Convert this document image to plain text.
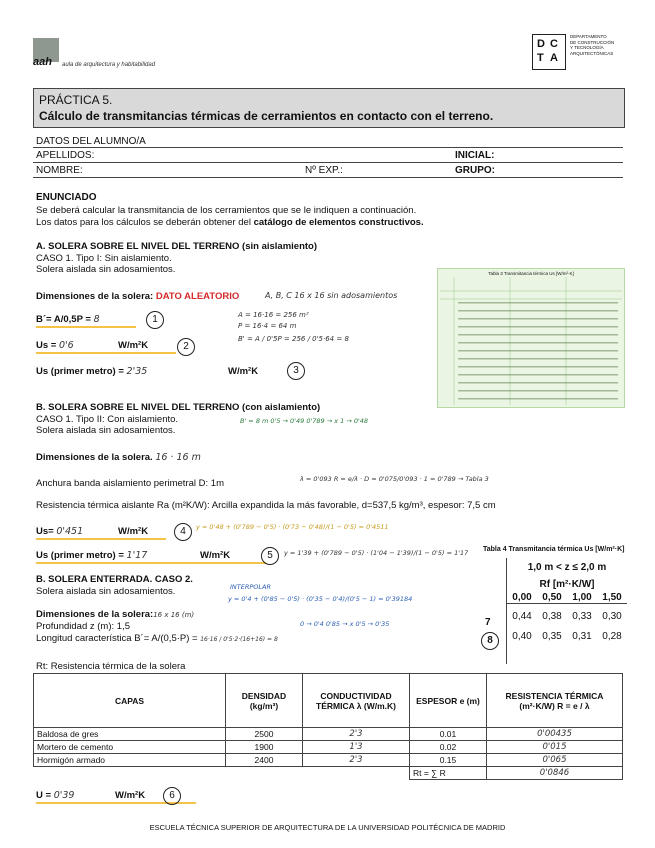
aah	aula de arquitectura y habitabilidad
D C
T A
DEPARTAMENTO
DE CONSTRUCCIÓN
Y TECNOLOGÍA
ARQUITECTÓNICAS
PRÁCTICA 5.
Cálculo de transmitancias térmicas de cerramientos en contacto con el terreno.
DATOS DEL ALUMNO/A
APELLIDOS:	INICIAL:
NOMBRE:	Nº EXP.:	GRUPO:
ENUNCIADO
Se deberá calcular la transmitancia de los cerramientos que se le indiquen a continuación.
Los datos para los cálculos se deberán obtener del catálogo de elementos constructivos.
A. SOLERA SOBRE EL NIVEL DEL TERRENO (sin aislamiento)
CASO 1. Tipo I: Sin aislamiento.
Solera aislada sin adosamientos.
Dimensiones de la solera: DATO ALEATORIO	A, B, C 16 x 16 sin adosamientos
B´= A/0,5P = 8	1	A = 16·16 = 256 m²
P = 16·4 = 64 m
B' = A / 0'5P = 256 / 0'5·64 = 8
Us = 0'6	W/m²K	2
Us (primer metro) = 2'35	W/m²K	3
Tabla 3 Transmitancia térmica Us [W/m²·K]
B. SOLERA SOBRE EL NIVEL DEL TERRENO (con aislamiento)
CASO 1. Tipo II: Con aislamiento.
Solera aislada sin adosamientos.
B' = 8 m 0'5 → 0'49 0'789 → x 1 → 0'48
Dimensiones de la solera. 16 · 16 m
Anchura banda aislamiento perimetral D: 1m	λ = 0'093 R = e/λ · D = 0'075/0'093 · 1 = 0'789 → Tabla 3
Resistencia térmica aislante Ra (m²K/W): Arcilla expandida la más favorable, d=537,5 kg/m³, espesor: 7,5 cm
Us= 0'451	W/m²K	4	y = 0'48 + (0'789 − 0'5) · (0'73 − 0'48)/(1 − 0'5) = 0'4511
Us (primer metro) = 1'17	W/m²K	5	y = 1'39 + (0'789 − 0'5) · (1'04 − 1'39)/(1 − 0'5) = 1'17
B. SOLERA ENTERRADA. CASO 2.
Solera aislada sin adosamientos.	INTERPOLAR
y = 0'4 + (0'85 − 0'5) · (0'35 − 0'4)/(0'5 − 1) = 0'39184
Dimensiones de la solera:16 x 16 (m)
Profundidad z (m): 1,5
Longitud característica B´= A/(0,5·P) = 16·16 / 0'5·2·(16+16) = 8
0 → 0'4 0'85 → x 0'5 → 0'35
Tabla 4 Transmitancia térmica Us [W/m²·K]
1,0 m < z ≤ 2,0 m
Rf [m²·K/W]
0,00 0,50 1,00 1,50
0,44 0,38 0,33 0,30
0,40 0,35 0,31 0,28
7
8
Rt: Resistencia térmica de la solera
CAPAS	DENSIDAD (kg/m³)	CONDUCTIVIDAD TÉRMICA λ (W/m.K)	ESPESOR e (m)	RESISTENCIA TÉRMICA (m²·K/W) R = e / λ
Baldosa de gres	2500	2'3	0.01	0'00435
Mortero de cemento	1900	1'3	0.02	0'015
Hormigón armado	2400	2'3	0.15	0'065
			Rt = ∑ R	0'0846
U = 0'39	W/m²K	6
ESCUELA TÉCNICA SUPERIOR DE ARQUITECTURA DE LA UNIVERSIDAD POLITÉCNICA DE MADRID
